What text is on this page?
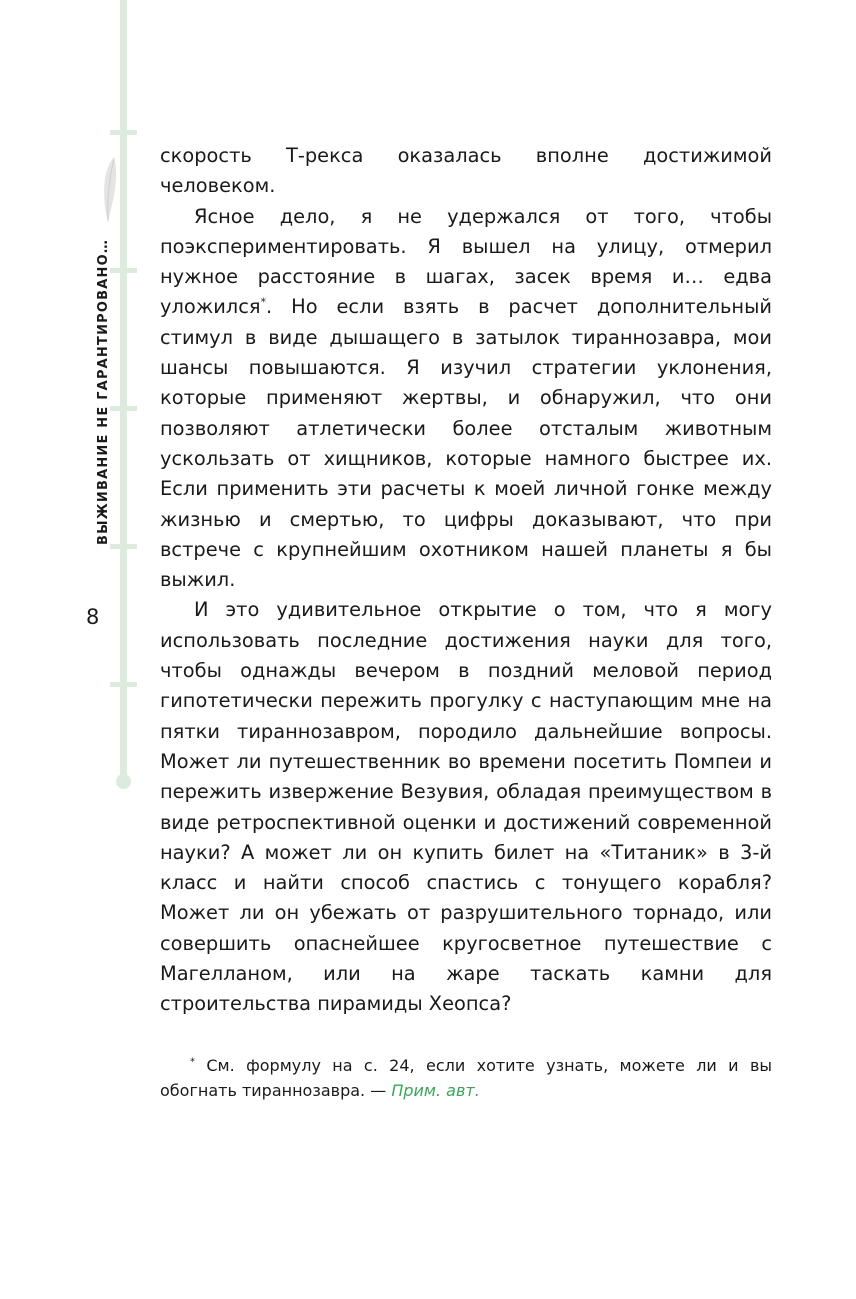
ВЫЖИВАНИЕ НЕ ГАРАНТИРОВАНО…
8

скорость Т-рекса оказалась вполне достижимой человеком.

Ясное дело, я не удержался от того, чтобы поэкспериментировать. Я вышел на улицу, отмерил нужное расстояние в шагах, засек время и… едва уложился*. Но если взять в расчет дополнительный стимул в виде дышащего в затылок тираннозавра, мои шансы повышаются. Я изучил стратегии уклонения, которые применяют жертвы, и обнаружил, что они позволяют атлетически более отсталым животным ускользать от хищников, которые намного быстрее их. Если применить эти расчеты к моей личной гонке между жизнью и смертью, то цифры доказывают, что при встрече с крупнейшим охотником нашей планеты я бы выжил.

И это удивительное открытие о том, что я могу использовать последние достижения науки для того, чтобы однажды вечером в поздний меловой период гипотетически пережить прогулку с наступающим мне на пятки тираннозавром, породило дальнейшие вопросы. Может ли путешественник во времени посетить Помпеи и пережить извержение Везувия, обладая преимуществом в виде ретроспективной оценки и достижений современной науки? А может ли он купить билет на «Титаник» в 3-й класс и найти способ спастись с тонущего корабля? Может ли он убежать от разрушительного торнадо, или совершить опаснейшее кругосветное путешествие с Магелланом, или на жаре таскать камни для строительства пирамиды Хеопса?

* См. формулу на с. 24, если хотите узнать, можете ли и вы обогнать тираннозавра. — Прим. авт.
